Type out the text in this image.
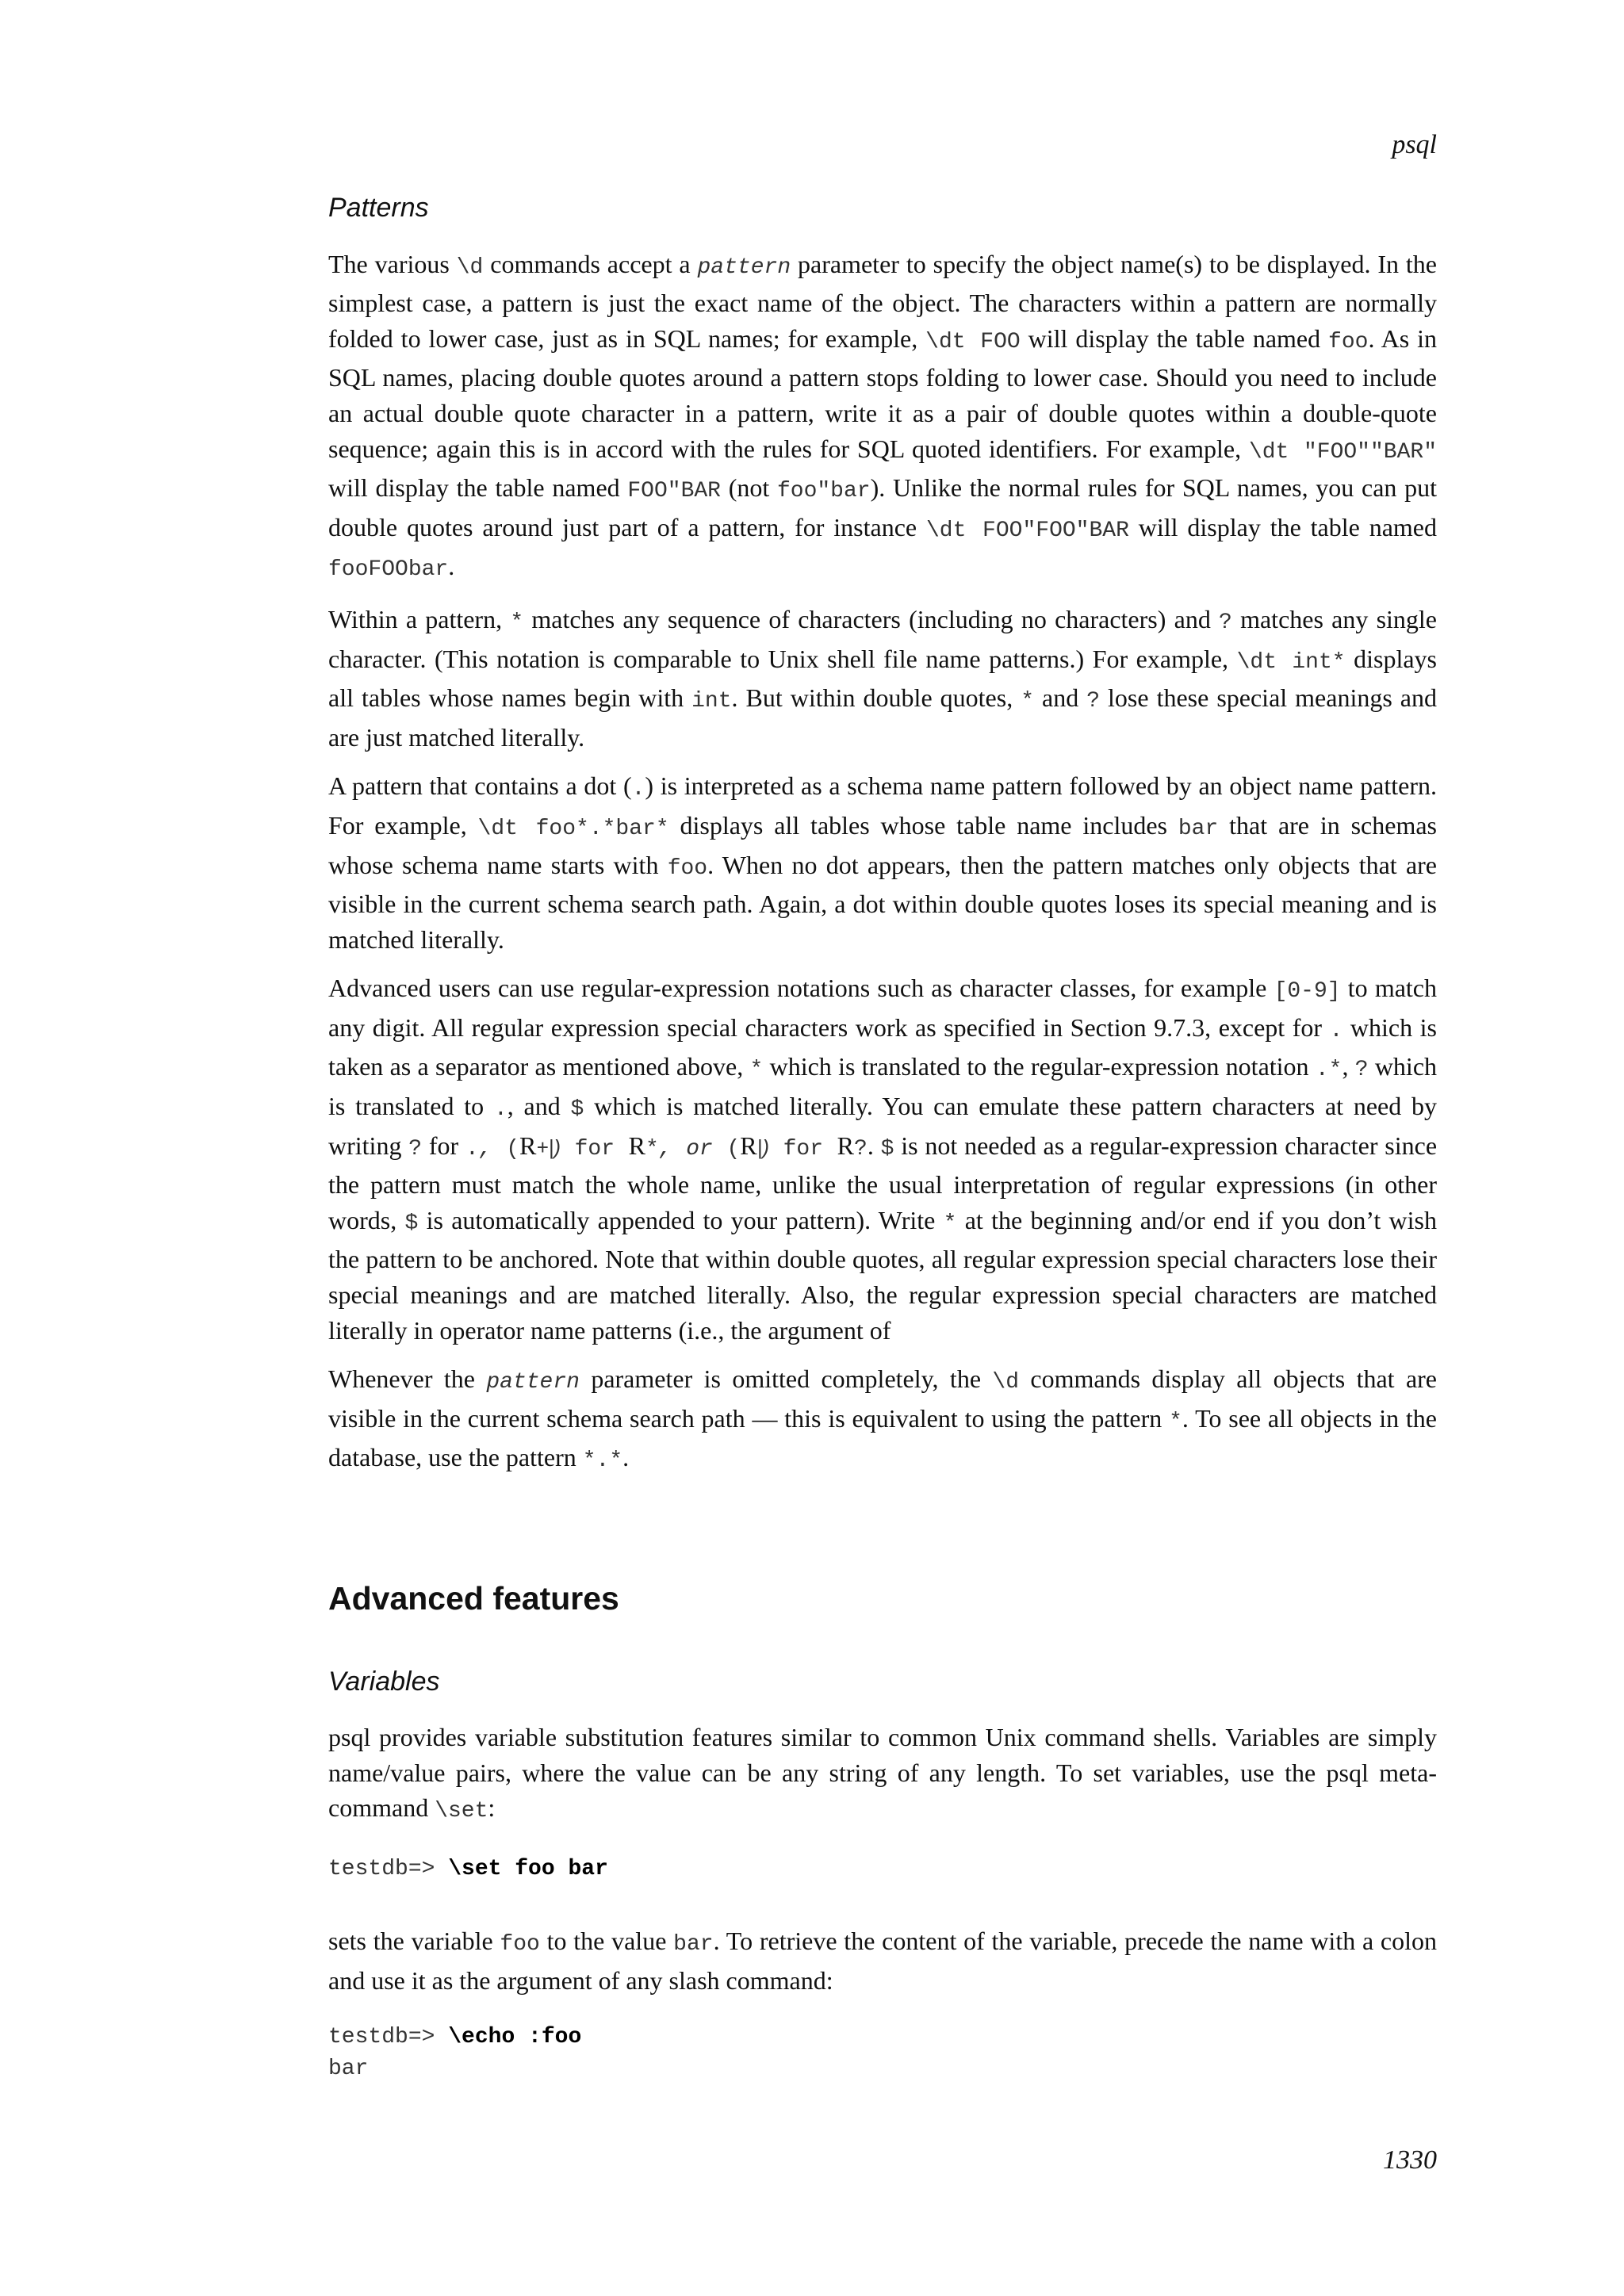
psql
Patterns

The various \d commands accept a pattern parameter to specify the object name(s) to be displayed. In the simplest case, a pattern is just the exact name of the object. The characters within a pattern are normally folded to lower case, just as in SQL names; for example, \dt FOO will display the table named foo. As in SQL names, placing double quotes around a pattern stops folding to lower case. Should you need to include an actual double quote character in a pattern, write it as a pair of double quotes within a double-quote sequence; again this is in accord with the rules for SQL quoted identifiers. For example, \dt "FOO""BAR" will display the table named FOO"BAR (not foo"bar). Unlike the normal rules for SQL names, you can put double quotes around just part of a pattern, for instance \dt FOO"FOO"BAR will display the table named fooFOObar.

Within a pattern, * matches any sequence of characters (including no characters) and ? matches any single character. (This notation is comparable to Unix shell file name patterns.) For example, \dt int* displays all tables whose names begin with int. But within double quotes, * and ? lose these special meanings and are just matched literally.

A pattern that contains a dot (.) is interpreted as a schema name pattern followed by an object name pattern. For example, \dt foo*.*bar* displays all tables whose table name includes bar that are in schemas whose schema name starts with foo. When no dot appears, then the pattern matches only objects that are visible in the current schema search path. Again, a dot within double quotes loses its special meaning and is matched literally.

Advanced users can use regular-expression notations such as character classes, for example [0-9] to match any digit. All regular expression special characters work as specified in Section 9.7.3, except for . which is taken as a separator as mentioned above, * which is translated to the regular-expression notation .*, ? which is translated to ., and $ which is matched literally. You can emulate these pattern characters at need by writing ? for ., (R+|) for R*, or (R|) for R?. $ is not needed as a regular-expression character since the pattern must match the whole name, unlike the usual interpretation of regular expressions (in other words, $ is automatically appended to your pattern). Write * at the beginning and/or end if you don’t wish the pattern to be anchored. Note that within double quotes, all regular expression special characters lose their special meanings and are matched literally. Also, the regular expression special characters are matched literally in operator name patterns (i.e., the argument of

Whenever the pattern parameter is omitted completely, the \d commands display all objects that are visible in the current schema search path — this is equivalent to using the pattern *. To see all objects in the database, use the pattern *.*.

Advanced features
Variables

psql provides variable substitution features similar to common Unix command shells. Variables are simply name/value pairs, where the value can be any string of any length. To set variables, use the psql meta-command \set:

testdb=> \set foo bar

sets the variable foo to the value bar. To retrieve the content of the variable, precede the name with a colon and use it as the argument of any slash command:

testdb=> \echo :foo
bar
1330
